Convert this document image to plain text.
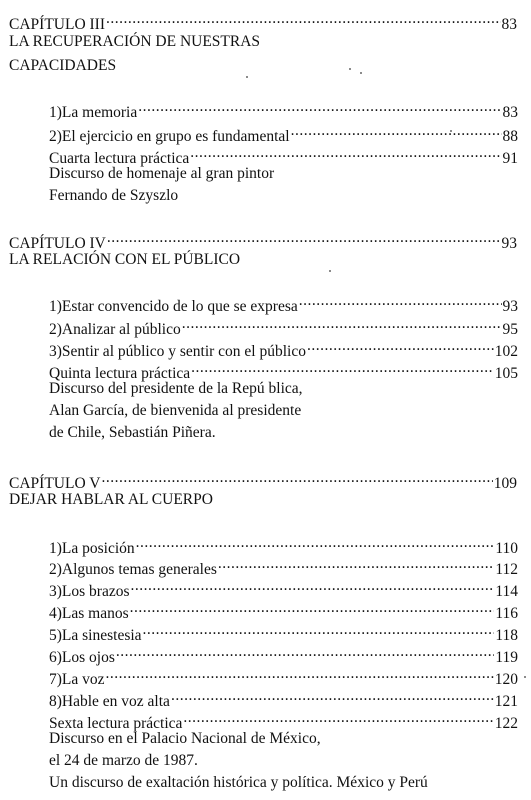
CAPÍTULO III .....	83
LA RECUPERACIÓN DE NUESTRAS
CAPACIDADES
1)La memoria .....	83
2)El ejercicio en grupo es fundamental .....	88
Cuarta lectura práctica .....	91
Discurso de homenaje al gran pintor
Fernando de Szyszlo
CAPÍTULO IV .....	93
LA RELACIÓN CON EL PÚBLICO
1)Estar convencido de lo que se expresa .....	93
2)Analizar al público .....	95
3)Sentir al público y sentir con el público .....	102
Quinta lectura práctica .....	105
Discurso del presidente de la Repú blica,
Alan García, de bienvenida al presidente
de Chile, Sebastián Piñera.
CAPÍTULO V .....	109
DEJAR HABLAR AL CUERPO
1)La posición .....	110
2)Algunos temas generales .....	112
3)Los brazos .....	114
4)Las manos .....	116
5)La sinestesia .....	118
6)Los ojos .....	119
7)La voz .....	120
8)Hable en voz alta .....	121
Sexta lectura práctica .....	122
Discurso en el Palacio Nacional de México,
el 24 de marzo de 1987.
Un discurso de exaltación histórica y política. México y Perú
